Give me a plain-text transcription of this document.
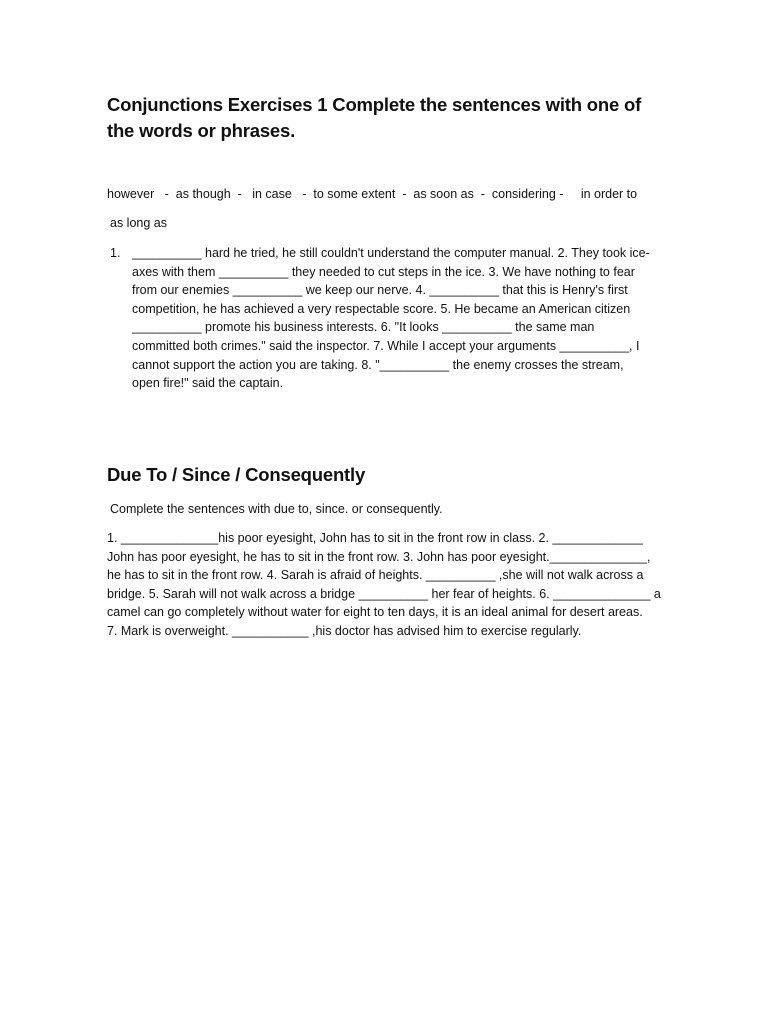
Conjunctions Exercises 1 Complete the sentences with one of the words or phrases.
however   -  as though  -   in case   -  to some extent  -  as soon as  -  considering -     in order to
as long as
1. __________ hard he tried, he still couldn't understand the computer manual. 2. They took ice-
axes with them __________ they needed to cut steps in the ice. 3. We have nothing to fear
from our enemies __________ we keep our nerve. 4. __________ that this is Henry's first
competition, he has achieved a very respectable score. 5. He became an American citizen
__________ promote his business interests. 6. "It looks __________ the same man
committed both crimes." said the inspector. 7. While I accept your arguments __________, I
cannot support the action you are taking. 8. "__________ the enemy crosses the stream,
open fire!" said the captain.
Due To / Since / Consequently
Complete the sentences with due to, since. or consequently.
1. ______________his poor eyesight, John has to sit in the front row in class. 2. _____________
John has poor eyesight, he has to sit in the front row. 3. John has poor eyesight.______________,
he has to sit in the front row. 4. Sarah is afraid of heights. __________ ,she will not walk across a
bridge. 5. Sarah will not walk across a bridge __________ her fear of heights. 6. ______________ a
camel can go completely without water for eight to ten days, it is an ideal animal for desert areas.
7. Mark is overweight. ___________ ,his doctor has advised him to exercise regularly.
